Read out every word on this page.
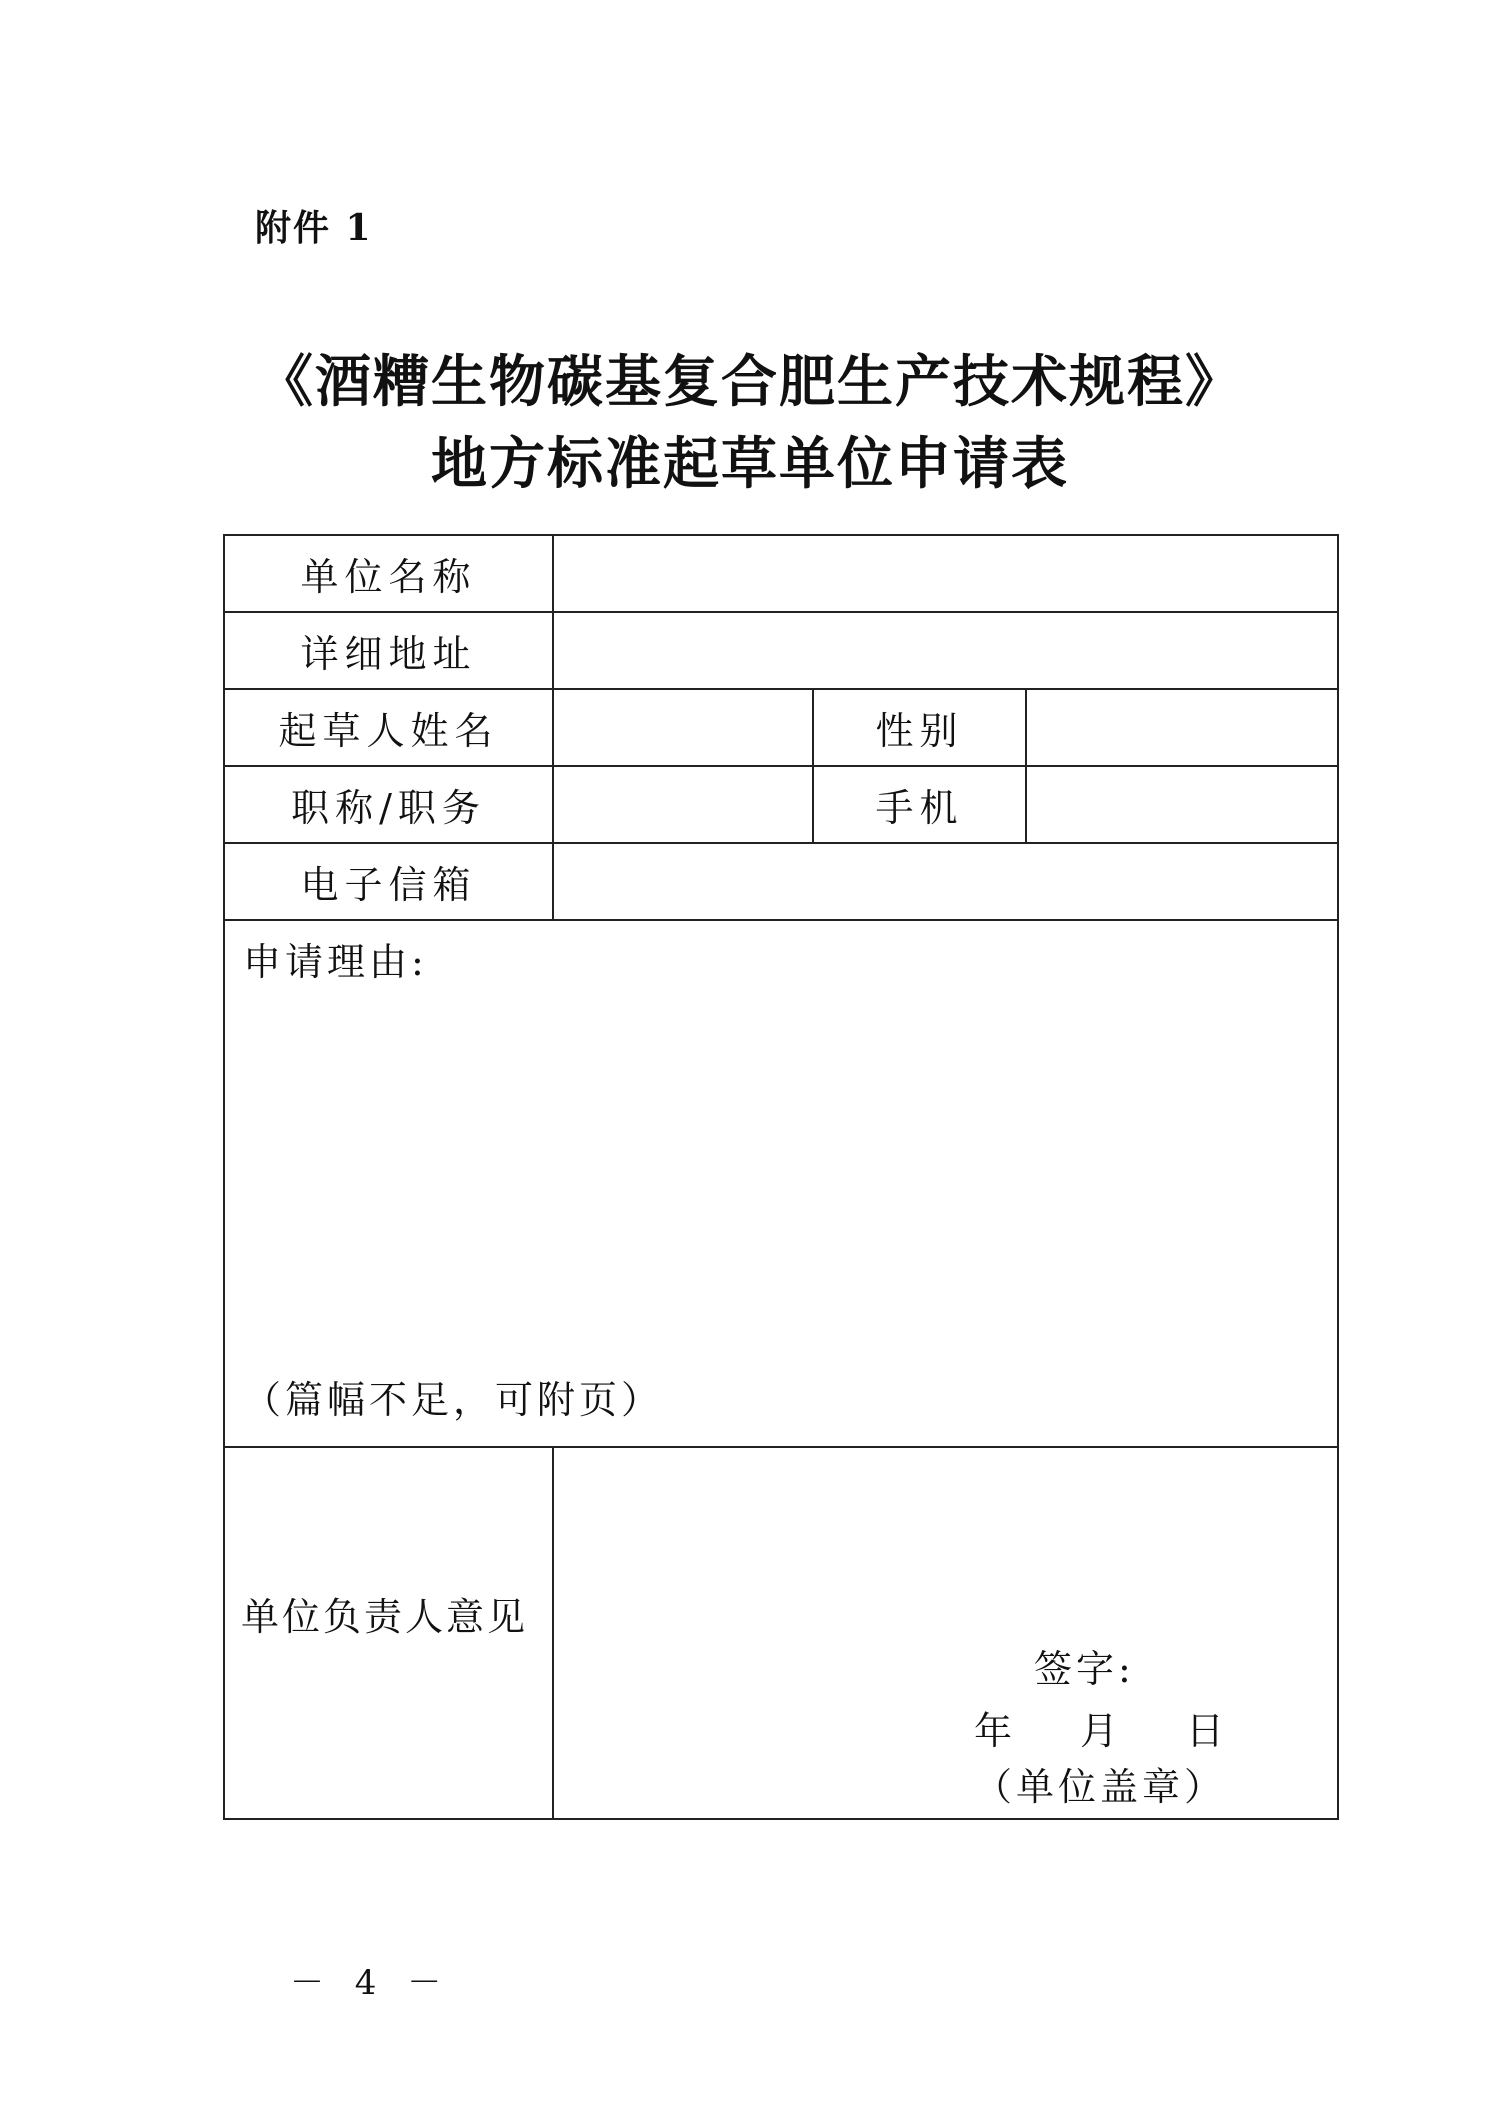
附件 1
《酒糟生物碳基复合肥生产技术规程》
地方标准起草单位申请表
单位名称			
详细地址			
起草人姓名		性别	
职称/职务		手机	
电子信箱			

申请理由:
（篇幅不足，可附页）			

单位负责人意见	签字:
年 月 日
（单位盖章）		
－ 4 －
